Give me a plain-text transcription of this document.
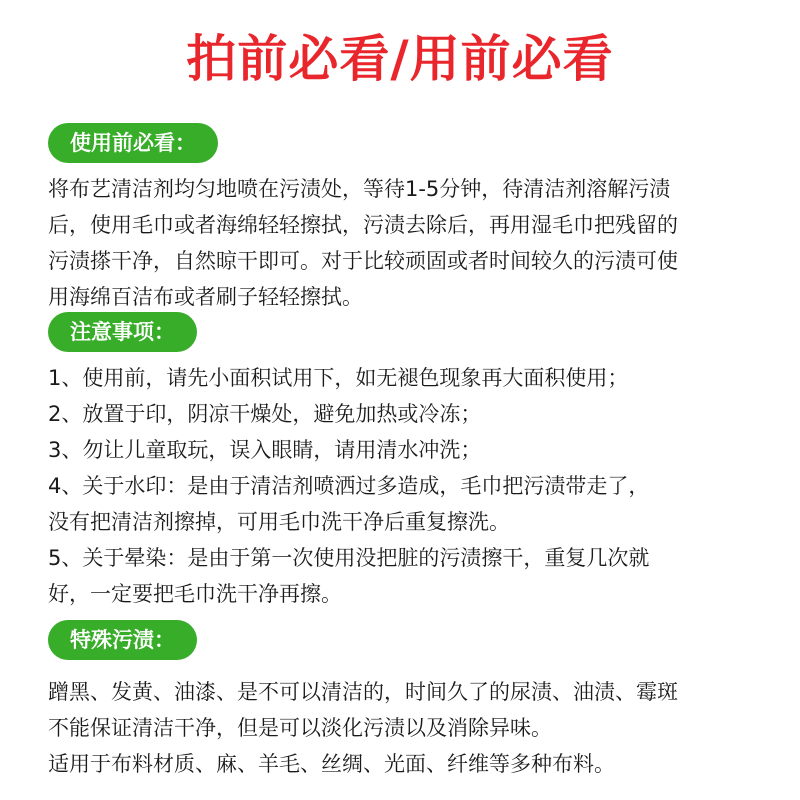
拍前必看/用前必看
使用前必看：

将布艺清洁剂均匀地喷在污渍处，等待1-5分钟，待清洁剂溶解污渍

后，使用毛巾或者海绵轻轻擦拭，污渍去除后，再用湿毛巾把残留的

污渍搽干净，自然晾干即可。对于比较顽固或者时间较久的污渍可使

用海绵百洁布或者刷子轻轻擦拭。

注意事项：

1、使用前，请先小面积试用下，如无褪色现象再大面积使用；

2、放置于印，阴凉干燥处，避免加热或冷冻；

3、勿让儿童取玩，误入眼睛，请用清水冲洗；

4、关于水印：是由于清洁剂喷洒过多造成，毛巾把污渍带走了，

没有把清洁剂擦掉，可用毛巾洗干净后重复擦洗。

5、关于晕染：是由于第一次使用没把脏的污渍擦干，重复几次就

好，一定要把毛巾洗干净再擦。

特殊污渍：

蹭黑、发黄、油漆、是不可以清洁的，时间久了的尿渍、油渍、霉斑

不能保证清洁干净，但是可以淡化污渍以及消除异味。

适用于布料材质、麻、羊毛、丝绸、光面、纤维等多种布料。
